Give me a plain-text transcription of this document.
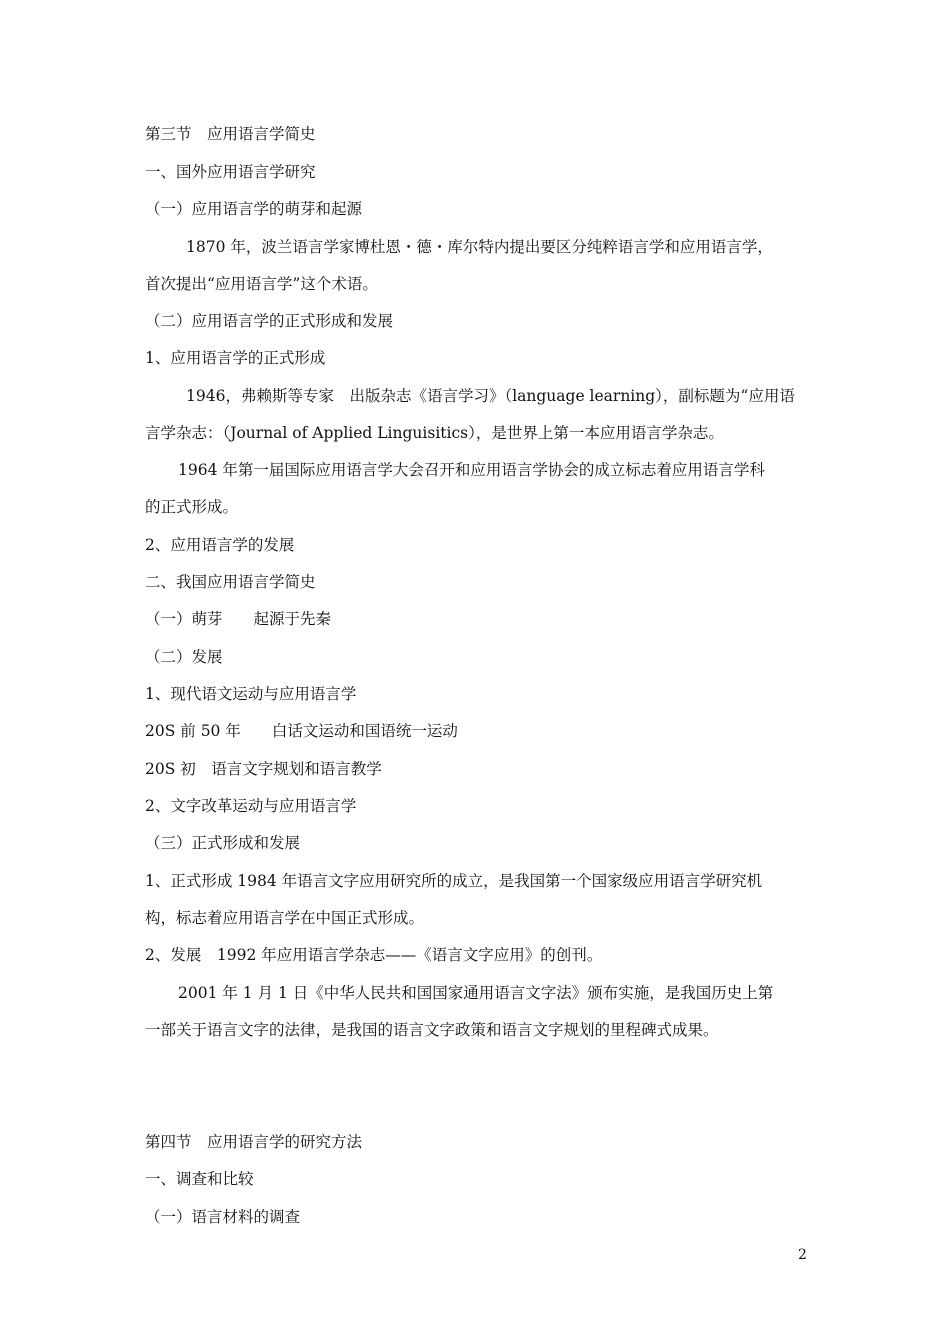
第三节　应用语言学简史
一、国外应用语言学研究
（一）应用语言学的萌芽和起源
1870 年，波兰语言学家博杜恩・德・库尔特内提出要区分纯粹语言学和应用语言学，
首次提出“应用语言学”这个术语。
（二）应用语言学的正式形成和发展
1、应用语言学的正式形成
1946，弗赖斯等专家　出版杂志《语言学习》（language learning），副标题为“应用语
言学杂志：（Journal of Applied Linguisitics），是世界上第一本应用语言学杂志。
1964 年第一届国际应用语言学大会召开和应用语言学协会的成立标志着应用语言学科
的正式形成。
2、应用语言学的发展
二、我国应用语言学简史
（一）萌芽　　起源于先秦
（二）发展
1、现代语文运动与应用语言学
20S 前 50 年　　白话文运动和国语统一运动
20S 初　语言文字规划和语言教学
2、文字改革运动与应用语言学
（三）正式形成和发展
1、正式形成 1984 年语言文字应用研究所的成立，是我国第一个国家级应用语言学研究机
构，标志着应用语言学在中国正式形成。
2、发展　1992 年应用语言学杂志——《语言文字应用》的创刊。
2001 年 1 月 1 日《中华人民共和国国家通用语言文字法》颁布实施，是我国历史上第
一部关于语言文字的法律，是我国的语言文字政策和语言文字规划的里程碑式成果。
第四节　应用语言学的研究方法
一、调查和比较
（一）语言材料的调查
2
